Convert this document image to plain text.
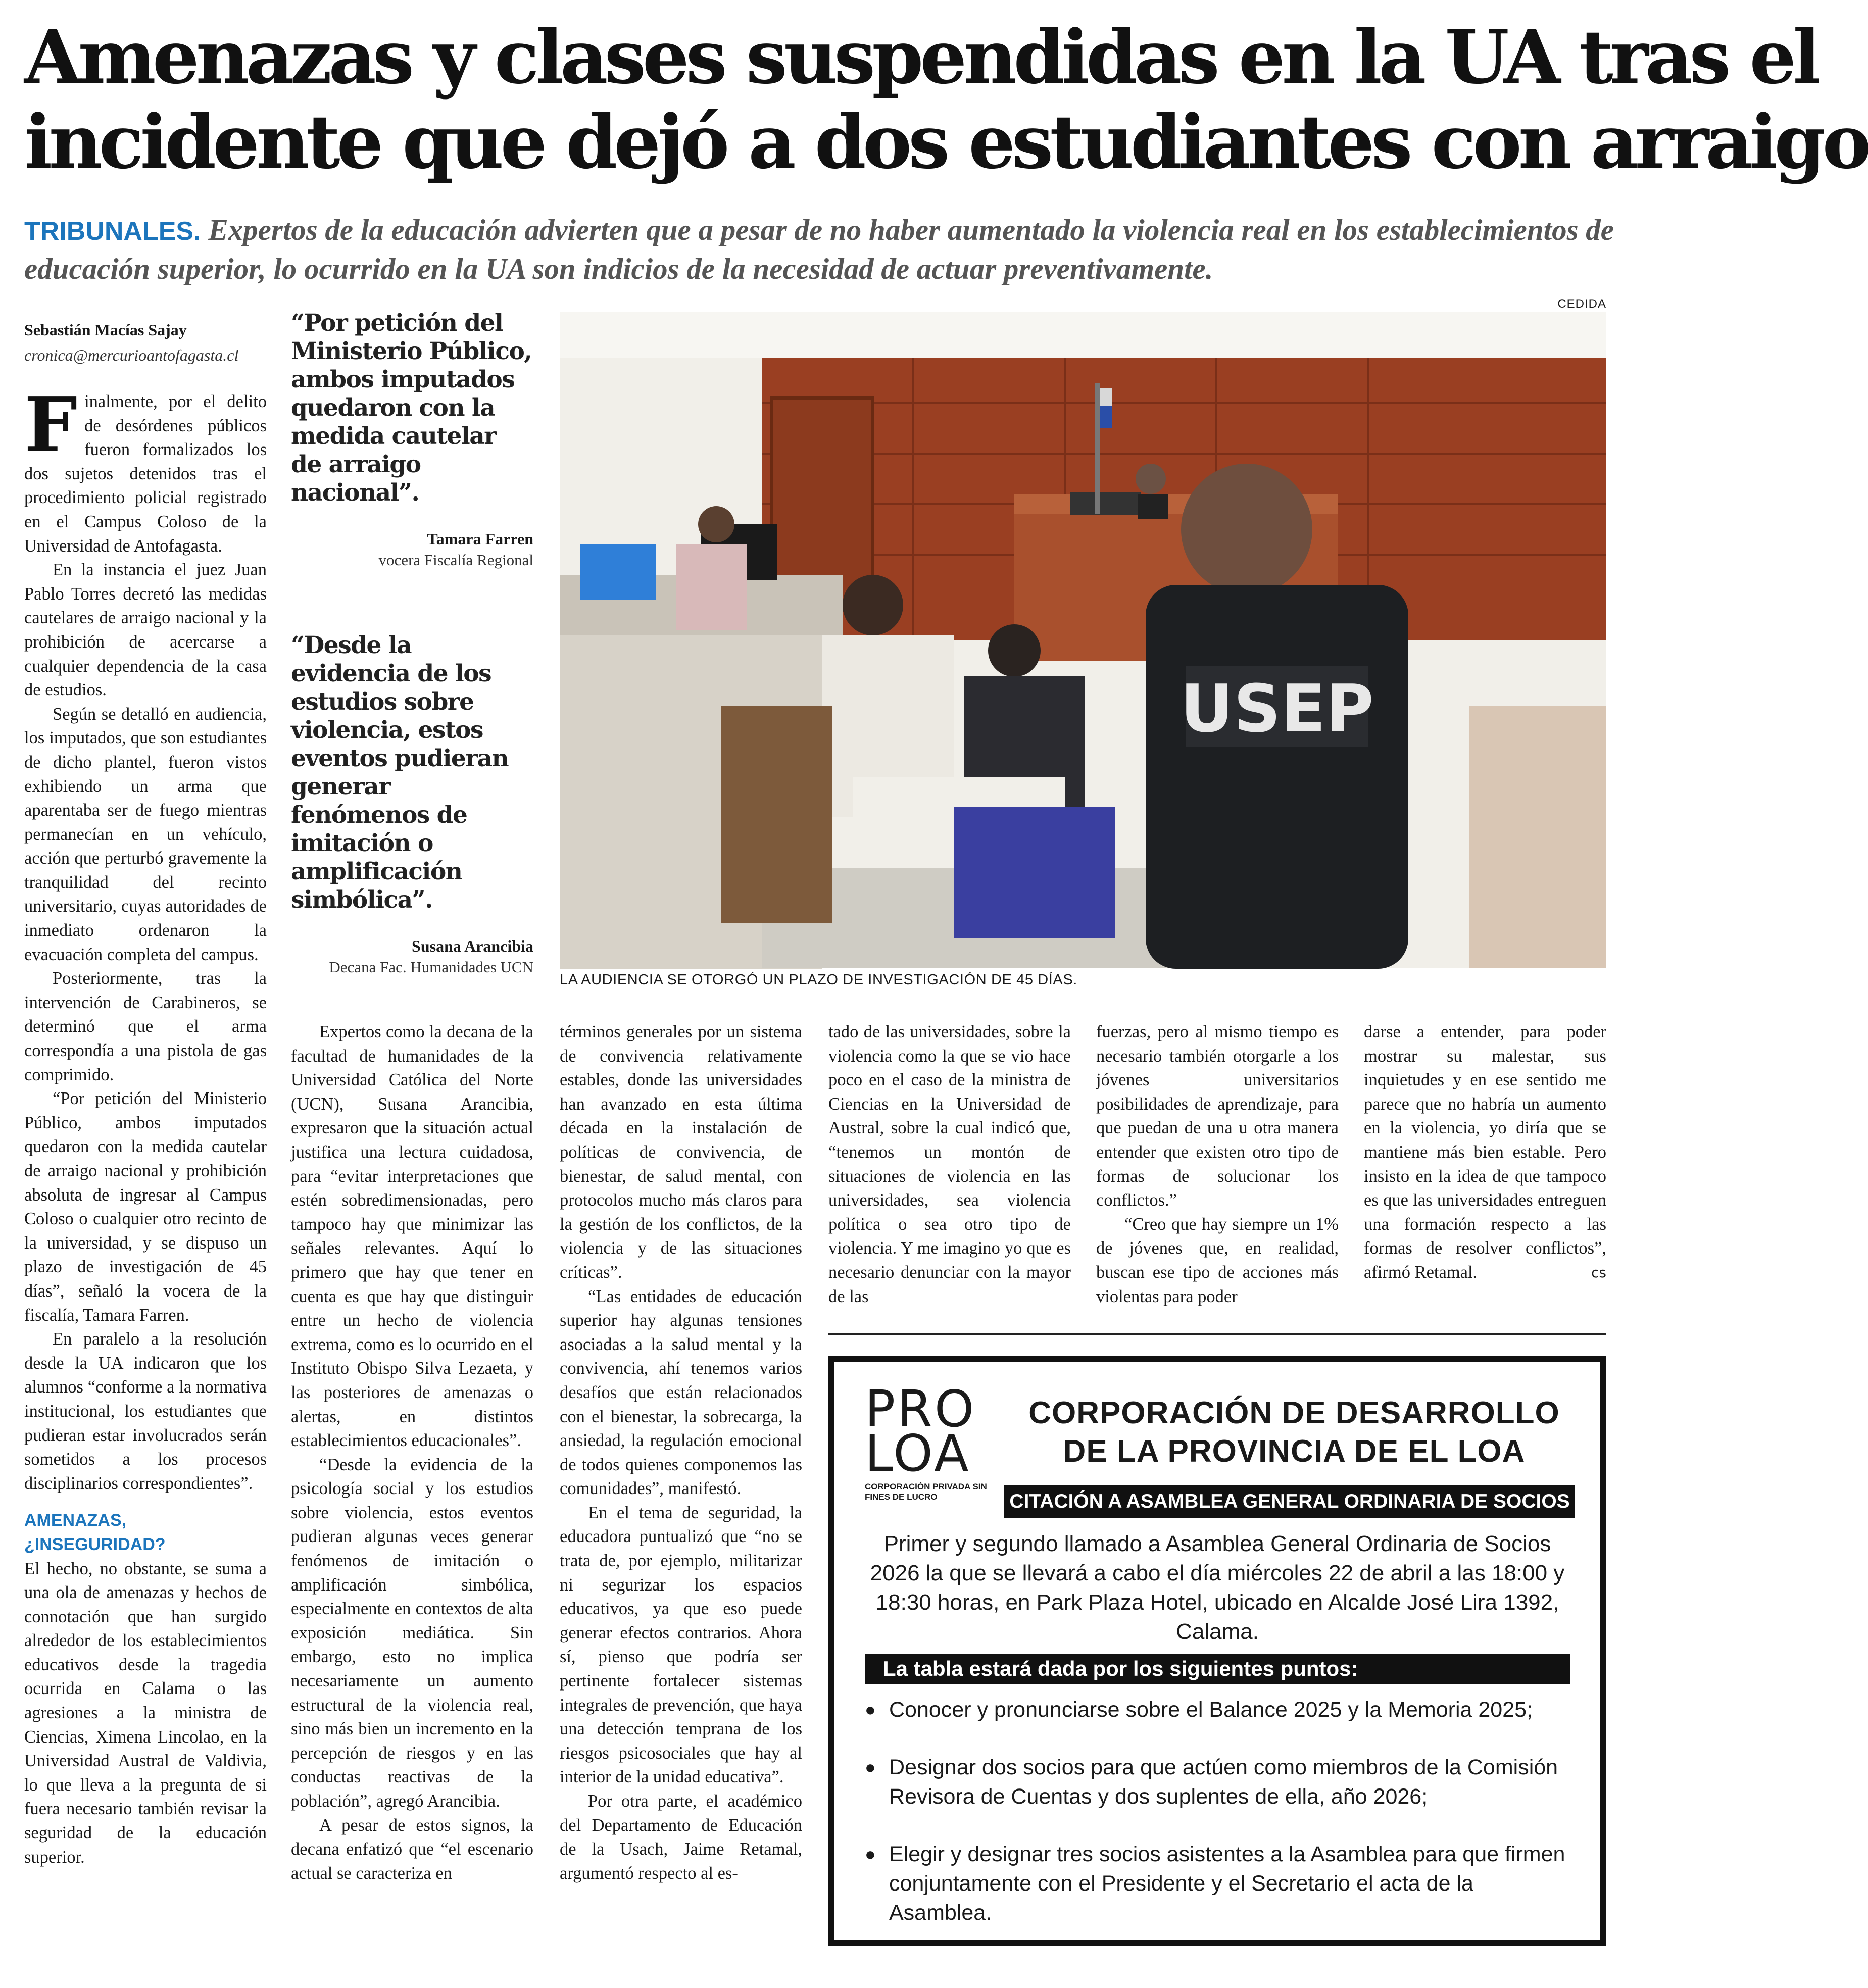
Amenazas y clases suspendidas en la UA tras el
incidente que dejó a dos estudiantes con arraigo
TRIBUNALES. Expertos de la educación advierten que a pesar de no haber aumentado la violencia real en los establecimientos de educación superior, lo ocurrido en la UA son indicios de la necesidad de actuar preventivamente.
Sebastián Macías Sajay
cronica@mercurioantofagasta.cl

Finalmente, por el delito de desórdenes públicos fueron formalizados los dos sujetos detenidos tras el procedimiento policial registrado en el Campus Coloso de la Universidad de Antofagasta.

En la instancia el juez Juan Pablo Torres decretó las medidas cautelares de arraigo nacional y la prohibición de acercarse a cualquier dependencia de la casa de estudios.

Según se detalló en audiencia, los imputados, que son estudiantes de dicho plantel, fueron vistos exhibiendo un arma que aparentaba ser de fuego mientras permanecían en un vehículo, acción que perturbó gravemente la tranquilidad del recinto universitario, cuyas autoridades de inmediato ordenaron la evacuación completa del campus.

Posteriormente, tras la intervención de Carabineros, se determinó que el arma correspondía a una pistola de gas comprimido.

“Por petición del Ministerio Público, ambos imputados quedaron con la medida cautelar de arraigo nacional y prohibición absoluta de ingresar al Campus Coloso o cualquier otro recinto de la universidad, y se dispuso un plazo de investigación de 45 días”, señaló la vocera de la fiscalía, Tamara Farren.

En paralelo a la resolución desde la UA indicaron que los alumnos “conforme a la normativa institucional, los estudiantes que pudieran estar involucrados serán sometidos a los procesos disciplinarios correspondientes”.

AMENAZAS, ¿INSEGURIDAD?

El hecho, no obstante, se suma a una ola de amenazas y hechos de connotación que han surgido alrededor de los establecimientos educativos desde la tragedia ocurrida en Calama o las agresiones a la ministra de Ciencias, Ximena Lincolao, en la Universidad Austral de Valdivia, lo que lleva a la pregunta de si fuera necesario también revisar la seguridad de la educación superior.

“Por petición del Ministerio Público, ambos imputados quedaron con la medida cautelar de arraigo nacional”.
Tamara Farren
vocera Fiscalía Regional
“Desde la evidencia de los estudios sobre violencia, estos eventos pudieran generar fenómenos de imitación o amplificación simbólica”.
Susana Arancibia
Decana Fac. Humanidades UCN
CEDIDA
USEP
LA AUDIENCIA SE OTORGÓ UN PLAZO DE INVESTIGACIÓN DE 45 DÍAS.

Expertos como la decana de la facultad de humanidades de la Universidad Católica del Norte (UCN), Susana Arancibia, expresaron que la situación actual justifica una lectura cuidadosa, para “evitar interpretaciones que estén sobredimensionadas, pero tampoco hay que minimizar las señales relevantes. Aquí lo primero que hay que tener en cuenta es que hay que distinguir entre un hecho de violencia extrema, como es lo ocurrido en el Instituto Obispo Silva Lezaeta, y las posteriores de amenazas o alertas, en distintos establecimientos educacionales”.

“Desde la evidencia de la psicología social y los estudios sobre violencia, estos eventos pudieran algunas veces generar fenómenos de imitación o amplificación simbólica, especialmente en contextos de alta exposición mediática. Sin embargo, esto no implica necesariamente un aumento estructural de la violencia real, sino más bien un incremento en la percepción de riesgos y en las conductas reactivas de la población”, agregó Arancibia.

A pesar de estos signos, la decana enfatizó que “el escenario actual se caracteriza en

términos generales por un sistema de convivencia relativamente estables, donde las universidades han avanzado en esta última década en la instalación de políticas de convivencia, de bienestar, de salud mental, con protocolos mucho más claros para la gestión de los conflictos, de la violencia y de las situaciones críticas”.

“Las entidades de educación superior hay algunas tensiones asociadas a la salud mental y la convivencia, ahí tenemos varios desafíos que están relacionados con el bienestar, la sobrecarga, la ansiedad, la regulación emocional de todos quienes componemos las comunidades”, manifestó.

En el tema de seguridad, la educadora puntualizó que “no se trata de, por ejemplo, militarizar ni segurizar los espacios educativos, ya que eso puede generar efectos contrarios. Ahora sí, pienso que podría ser pertinente fortalecer sistemas integrales de prevención, que haya una detección temprana de los riesgos psicosociales que hay al interior de la unidad educativa”.

Por otra parte, el académico del Departamento de Educación de la Usach, Jaime Retamal, argumentó respecto al es-

tado de las universidades, sobre la violencia como la que se vio hace poco en el caso de la ministra de Ciencias en la Universidad de Austral, sobre la cual indicó que, “tenemos un montón de situaciones de violencia en las universidades, sea violencia política o sea otro tipo de violencia. Y me imagino yo que es necesario denunciar con la mayor de las

fuerzas, pero al mismo tiempo es necesario también otorgarle a los jóvenes universitarios posibilidades de aprendizaje, para que puedan de una u otra manera entender que existen otro tipo de formas de solucionar los conflictos.”

“Creo que hay siempre un 1% de jóvenes que, en realidad, buscan ese tipo de acciones más violentas para poder

darse a entender, para poder mostrar su malestar, sus inquietudes y en ese sentido me parece que no habría un aumento en la violencia, yo diría que se mantiene más bien estable. Pero insisto en la idea de que tampoco es que las universidades entreguen una formación respecto a las formas de resolver conflictos”, afirmó Retamal.	cs

PRO
LOA
CORPORACIÓN PRIVADA SIN FINES DE LUCRO
CORPORACIÓN DE DESARROLLO DE LA PROVINCIA DE EL LOA
CITACIÓN A ASAMBLEA GENERAL ORDINARIA DE SOCIOS
Primer y segundo llamado a Asamblea General Ordinaria de Socios 2026 la que se llevará a cabo el día miércoles 22 de abril a las 18:00 y 18:30 horas, en Park Plaza Hotel, ubicado en Alcalde José Lira 1392, Calama.
La tabla estará dada por los siguientes puntos:
● Conocer y pronunciarse sobre el Balance 2025 y la Memoria 2025;
● Designar dos socios para que actúen como miembros de la Comisión Revisora de Cuentas y dos suplentes de ella, año 2026;
● Elegir y designar tres socios asistentes a la Asamblea para que firmen conjuntamente con el Presidente y el Secretario el acta de la Asamblea.
